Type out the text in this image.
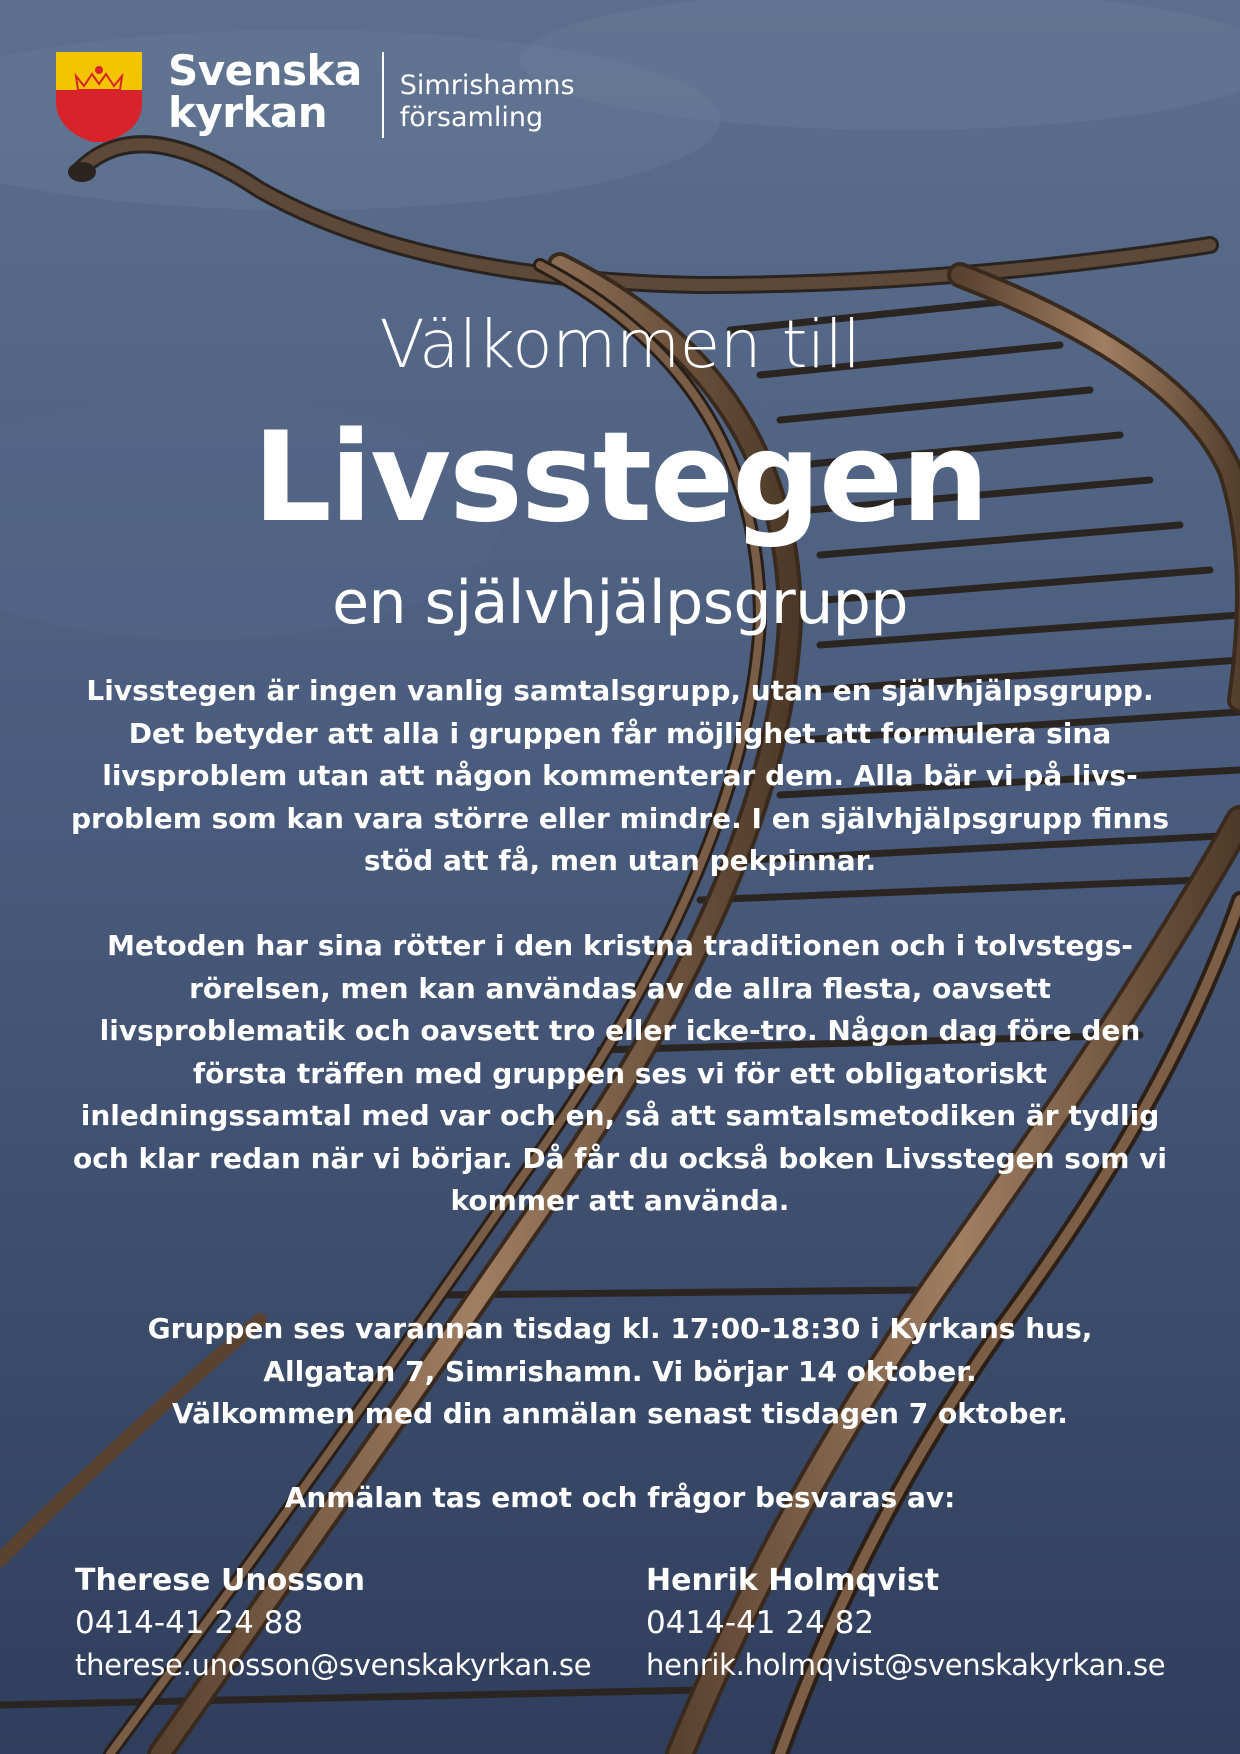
Svenska
kyrkan
Simrishamns
församling
Välkommen till
Livsstegen
en självhjälpsgrupp
Livsstegen är ingen vanlig samtalsgrupp, utan en självhjälpsgrupp.
Det betyder att alla i gruppen får möjlighet att formulera sina
livsproblem utan att någon kommenterar dem. Alla bär vi på livs-
problem som kan vara större eller mindre. I en självhjälpsgrupp finns
stöd att få, men utan pekpinnar.
Metoden har sina rötter i den kristna traditionen och i tolvstegs-
rörelsen, men kan användas av de allra flesta, oavsett
livsproblematik och oavsett tro eller icke-tro. Någon dag före den
första träffen med gruppen ses vi för ett obligatoriskt
inledningssamtal med var och en, så att samtalsmetodiken är tydlig
och klar redan när vi börjar. Då får du också boken Livsstegen som vi
kommer att använda.
Gruppen ses varannan tisdag kl. 17:00-18:30 i Kyrkans hus,
Allgatan 7, Simrishamn. Vi börjar 14 oktober.
Välkommen med din anmälan senast tisdagen 7 oktober.
Anmälan tas emot och frågor besvaras av:
Therese Unosson
0414-41 24 88
therese.unosson@svenskakyrkan.se
Henrik Holmqvist
0414-41 24 82
henrik.holmqvist@svenskakyrkan.se
